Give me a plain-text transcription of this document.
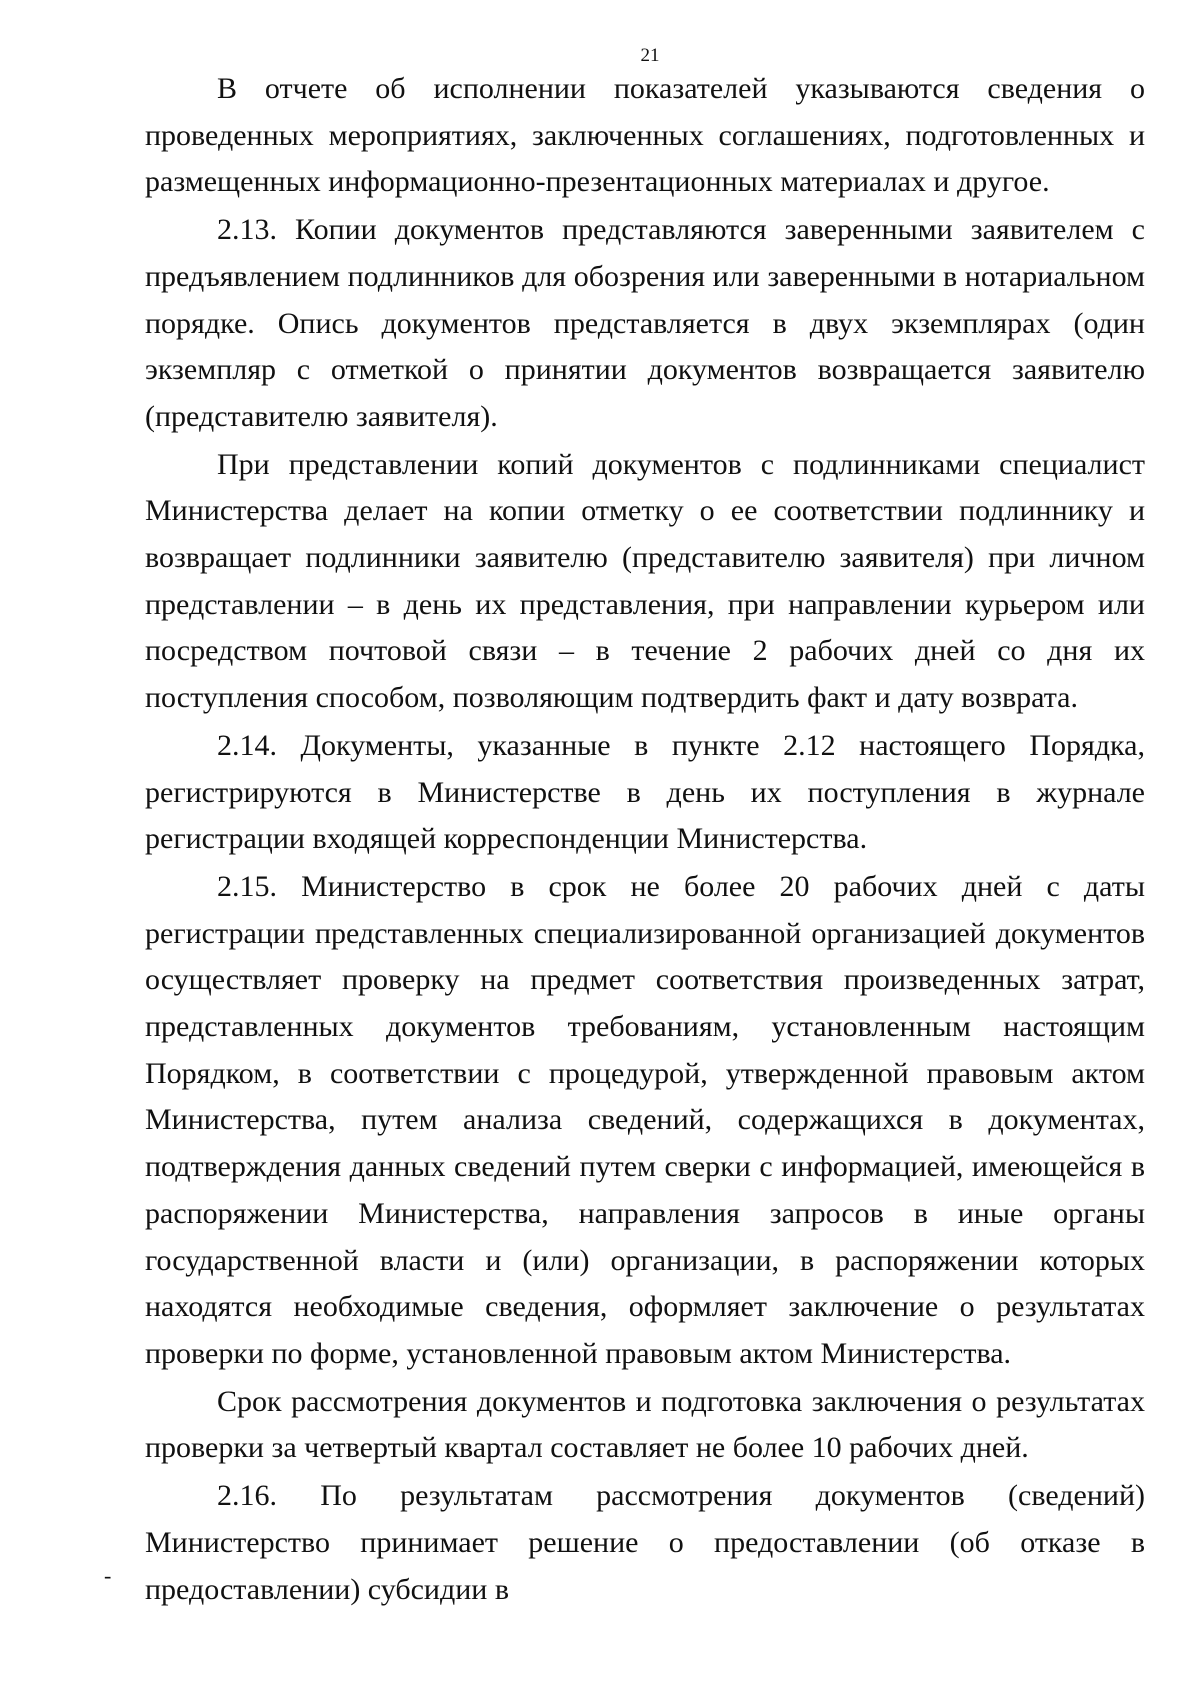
21

В отчете об исполнении показателей указываются сведения о проведенных мероприятиях, заключенных соглашениях, подготовленных и размещенных информационно-презентационных материалах и другое.

2.13. Копии документов представляются заверенными заявителем с предъявлением подлинников для обозрения или заверенными в нотариальном порядке. Опись документов представляется в двух экземплярах (один экземпляр с отметкой о принятии документов возвращается заявителю (представителю заявителя).

При представлении копий документов с подлинниками специалист Министерства делает на копии отметку о ее соответствии подлиннику и возвращает подлинники заявителю (представителю заявителя) при личном представлении – в день их представления, при направлении курьером или посредством почтовой связи – в течение 2 рабочих дней со дня их поступления способом, позволяющим подтвердить факт и дату возврата.

2.14. Документы, указанные в пункте 2.12 настоящего Порядка, регистрируются в Министерстве в день их поступления в журнале регистрации входящей корреспонденции Министерства.

2.15. Министерство в срок не более 20 рабочих дней с даты регистрации представленных специализированной организацией документов осуществляет проверку на предмет соответствия произведенных затрат, представленных документов требованиям, установленным настоящим Порядком, в соответствии с процедурой, утвержденной правовым актом Министерства, путем анализа сведений, содержащихся в документах, подтверждения данных сведений путем сверки с информацией, имеющейся в распоряжении Министерства, направления запросов в иные органы государственной власти и (или) организации, в распоряжении которых находятся необходимые сведения, оформляет заключение о результатах проверки по форме, установленной правовым актом Министерства.

Срок рассмотрения документов и подготовка заключения о результатах проверки за четвертый квартал составляет не более 10 рабочих дней.

2.16. По результатам рассмотрения документов (сведений) Министерство принимает решение о предоставлении (об отказе в предоставлении) субсидии в

-
